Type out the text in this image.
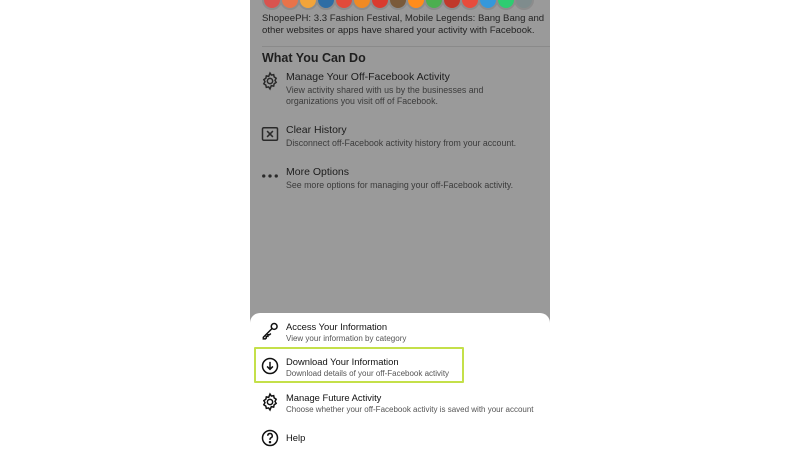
ShopeePH: 3.3 Fashion Festival, Mobile Legends: Bang Bang and other websites or apps have shared your activity with Facebook.
What You Can Do
Manage Your Off-Facebook Activity
View activity shared with us by the businesses and organizations you visit off of Facebook.
Clear History
Disconnect off-Facebook activity history from your account.
More Options
See more options for managing your off-Facebook activity.
Access Your Information
View your information by category
Download Your Information
Download details of your off-Facebook activity
Manage Future Activity
Choose whether your off-Facebook activity is saved with your account
Help
